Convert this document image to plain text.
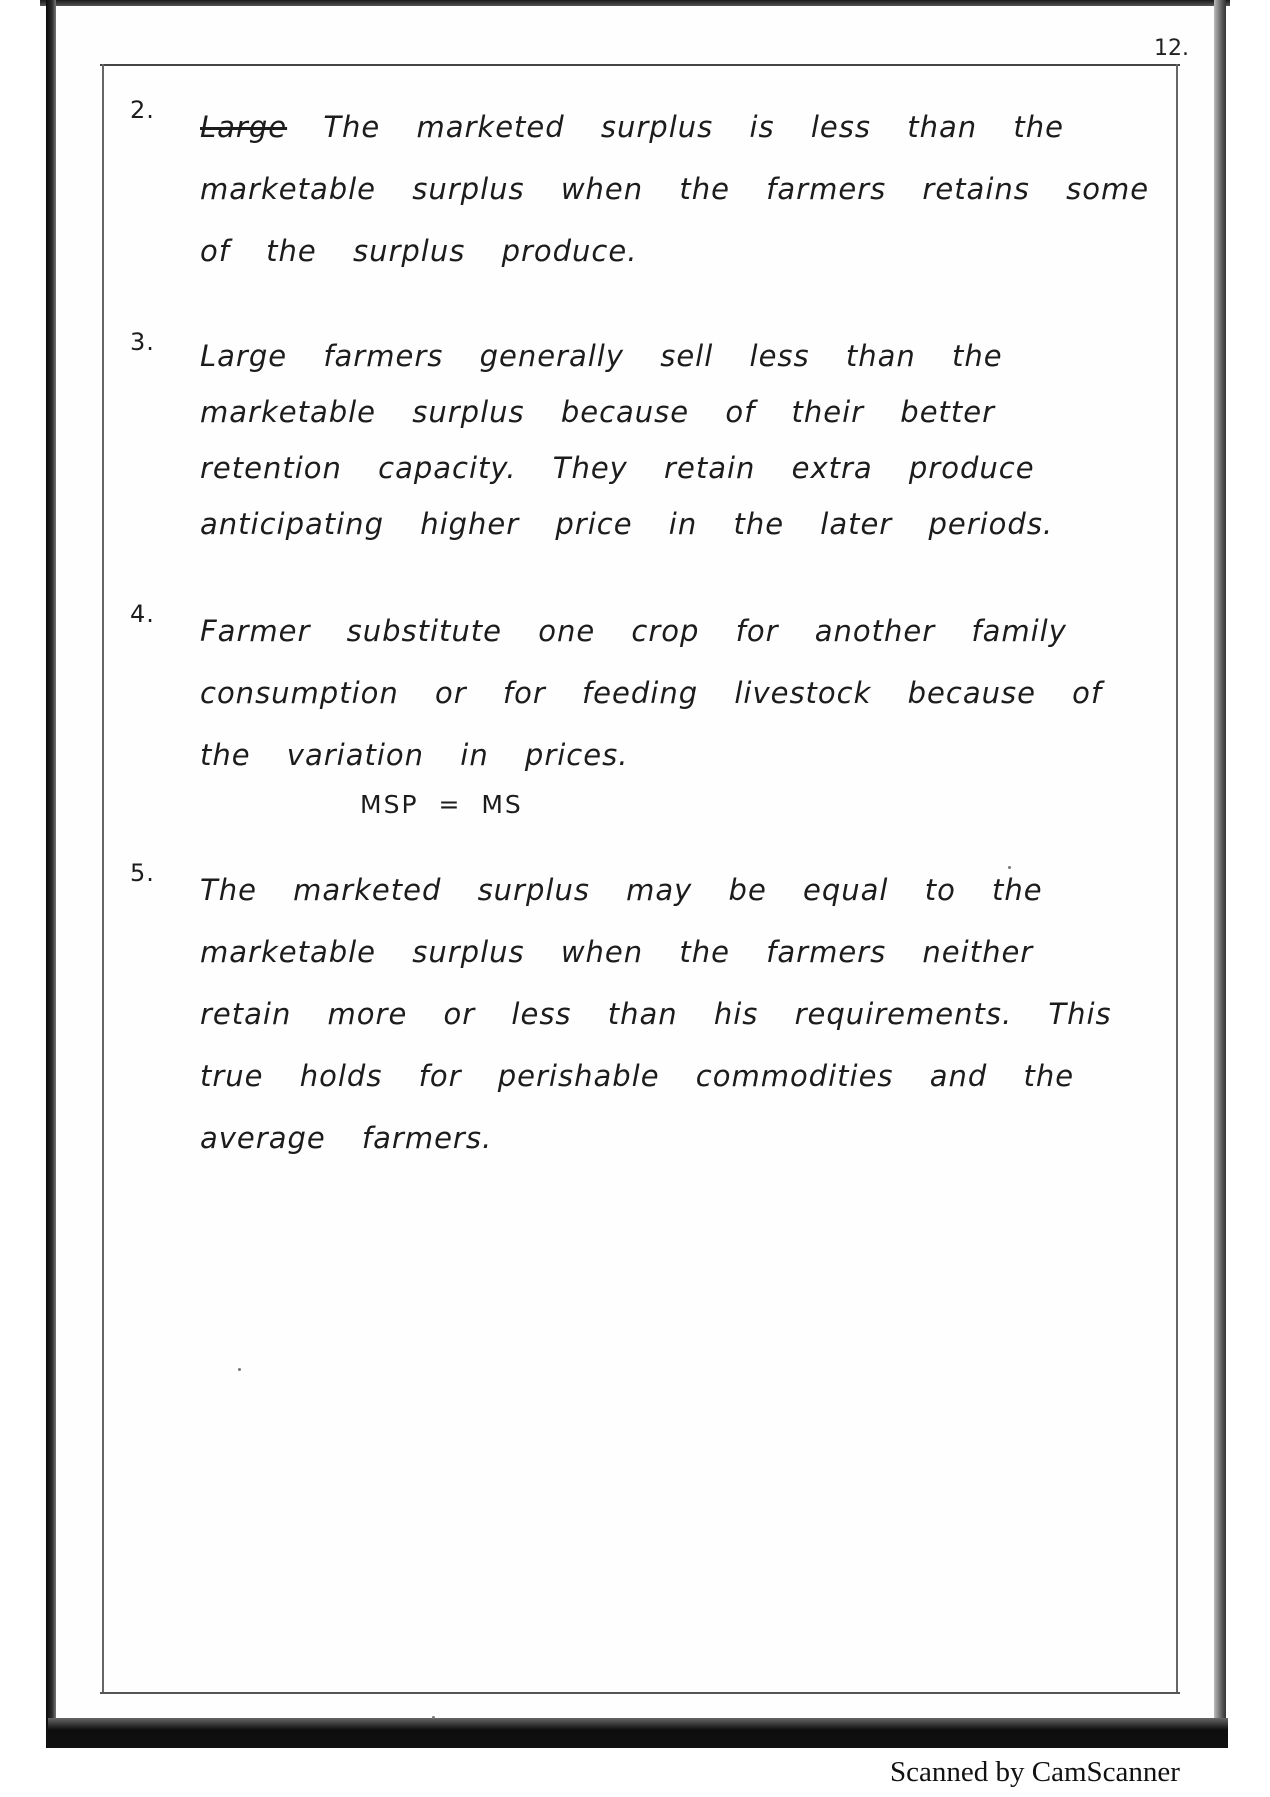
12.
2. Large The marketed surplus is less than the marketable surplus when the farmers retains some of the surplus produce.
3. Large farmers generally sell less than the marketable surplus because of their better retention capacity. They retain extra produce anticipating higher price in the later periods.
4. Farmer substitute one crop for another family consumption or for feeding livestock because of the variation in prices.
MSP = MS
5. The marketed surplus may be equal to the marketable surplus when the farmers neither retain more or less than his requirements. This true holds for perishable commodities and the average farmers.
Scanned by CamScanner
